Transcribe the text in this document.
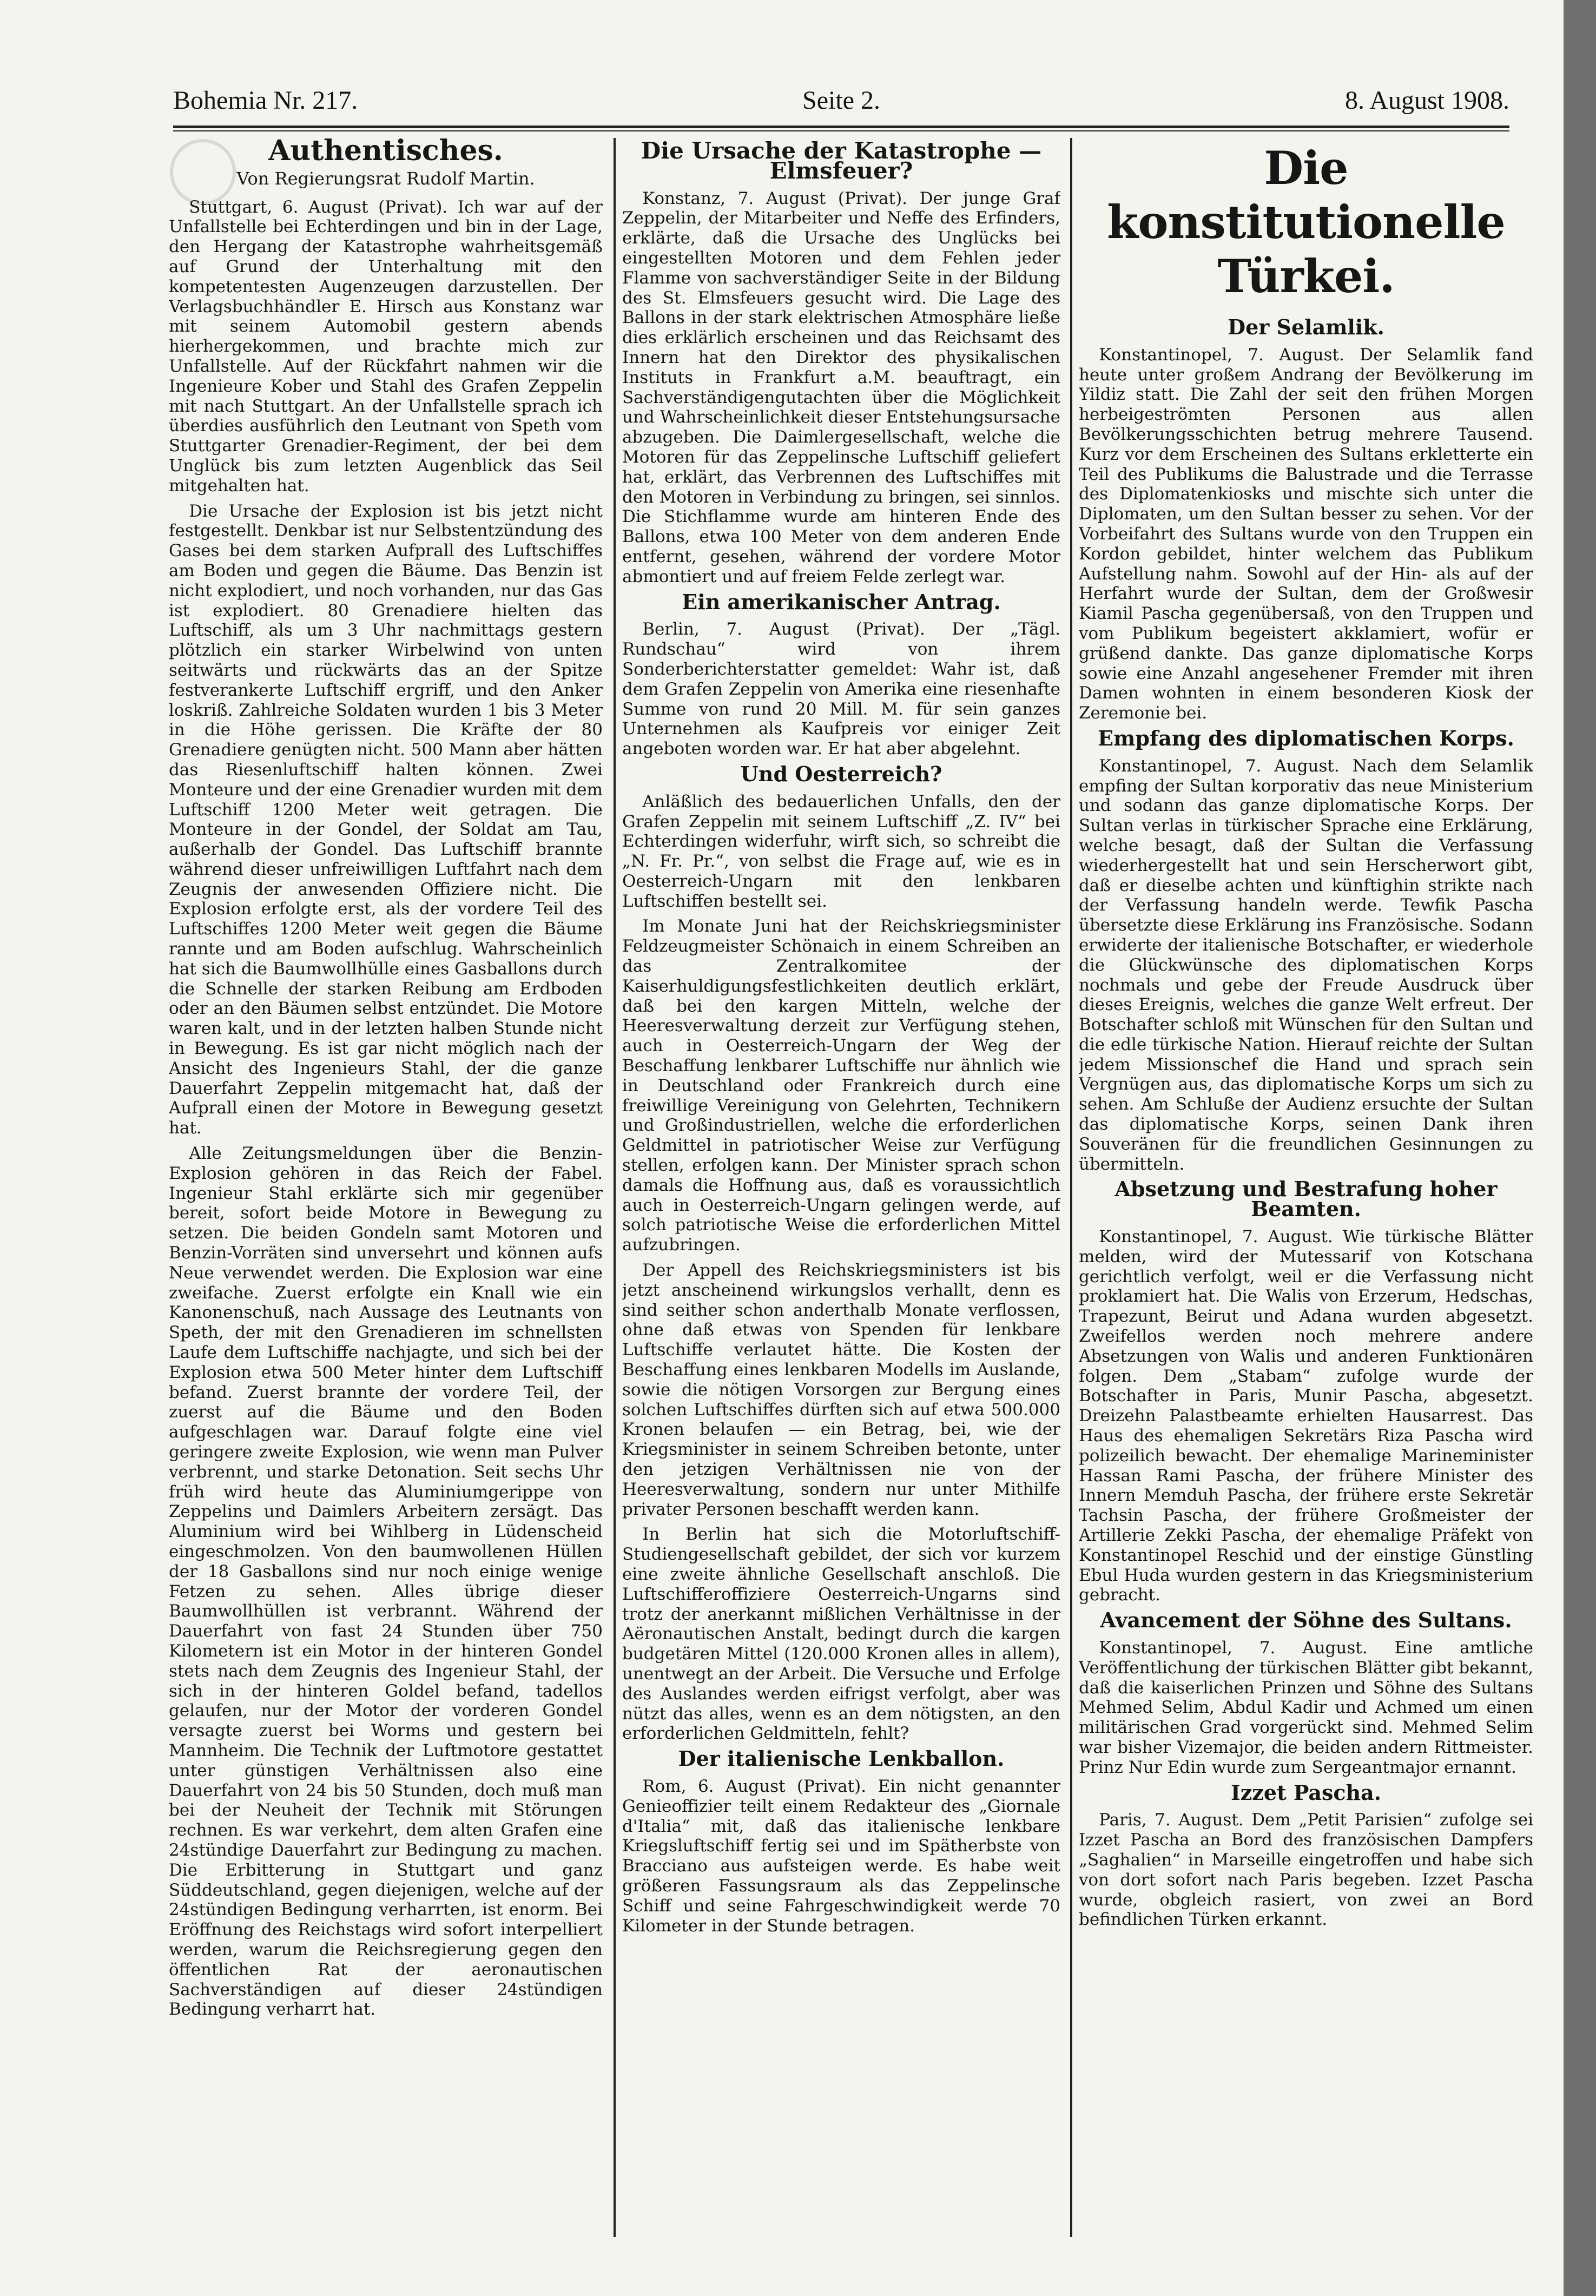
Bohemia Nr. 217.	Seite 2.	8. August 1908.
Authentisches.
Von Regierungsrat Rudolf Martin.

Stuttgart, 6. August (Privat). Ich war auf der Unfallstelle bei Echterdingen und bin in der Lage, den Hergang der Katastrophe wahrheitsgemäß auf Grund der Unterhaltung mit den kompetentesten Augenzeugen darzustellen. Der Verlagsbuchhändler E. Hirsch aus Konstanz war mit seinem Automobil gestern abends hierhergekommen, und brachte mich zur Unfallstelle. Auf der Rückfahrt nahmen wir die Ingenieure Kober und Stahl des Grafen Zeppelin mit nach Stuttgart. An der Unfallstelle sprach ich überdies ausführlich den Leutnant von Speth vom Stuttgarter Grenadier-Regiment, der bei dem Unglück bis zum letzten Augenblick das Seil mitgehalten hat.

Die Ursache der Explosion ist bis jetzt nicht festgestellt. Denkbar ist nur Selbstentzündung des Gases bei dem starken Aufprall des Luftschiffes am Boden und gegen die Bäume. Das Benzin ist nicht explodiert, und noch vorhanden, nur das Gas ist explodiert. 80 Grenadiere hielten das Luftschiff, als um 3 Uhr nachmittags gestern plötzlich ein starker Wirbelwind von unten seitwärts und rückwärts das an der Spitze festverankerte Luftschiff ergriff, und den Anker loskriß. Zahlreiche Soldaten wurden 1 bis 3 Meter in die Höhe gerissen. Die Kräfte der 80 Grenadiere genügten nicht. 500 Mann aber hätten das Riesenluftschiff halten können. Zwei Monteure und der eine Grenadier wurden mit dem Luftschiff 1200 Meter weit getragen. Die Monteure in der Gondel, der Soldat am Tau, außerhalb der Gondel. Das Luftschiff brannte während dieser unfreiwilligen Luftfahrt nach dem Zeugnis der anwesenden Offiziere nicht. Die Explosion erfolgte erst, als der vordere Teil des Luftschiffes 1200 Meter weit gegen die Bäume rannte und am Boden aufschlug. Wahrscheinlich hat sich die Baumwollhülle eines Gasballons durch die Schnelle der starken Reibung am Erdboden oder an den Bäumen selbst entzündet. Die Motore waren kalt, und in der letzten halben Stunde nicht in Bewegung. Es ist gar nicht möglich nach der Ansicht des Ingenieurs Stahl, der die ganze Dauerfahrt Zeppelin mitgemacht hat, daß der Aufprall einen der Motore in Bewegung gesetzt hat.

Alle Zeitungsmeldungen über die Benzin-Explosion gehören in das Reich der Fabel. Ingenieur Stahl erklärte sich mir gegenüber bereit, sofort beide Motore in Bewegung zu setzen. Die beiden Gondeln samt Motoren und Benzin-Vorräten sind unversehrt und können aufs Neue verwendet werden. Die Explosion war eine zweifache. Zuerst erfolgte ein Knall wie ein Kanonenschuß, nach Aussage des Leutnants von Speth, der mit den Grenadieren im schnellsten Laufe dem Luftschiffe nachjagte, und sich bei der Explosion etwa 500 Meter hinter dem Luftschiff befand. Zuerst brannte der vordere Teil, der zuerst auf die Bäume und den Boden aufgeschlagen war. Darauf folgte eine viel geringere zweite Explosion, wie wenn man Pulver verbrennt, und starke Detonation. Seit sechs Uhr früh wird heute das Aluminiumgerippe von Zeppelins und Daimlers Arbeitern zersägt. Das Aluminium wird bei Wihlberg in Lüdenscheid eingeschmolzen. Von den baumwollenen Hüllen der 18 Gasballons sind nur noch einige wenige Fetzen zu sehen. Alles übrige dieser Baumwollhüllen ist verbrannt. Während der Dauerfahrt von fast 24 Stunden über 750 Kilometern ist ein Motor in der hinteren Gondel stets nach dem Zeugnis des Ingenieur Stahl, der sich in der hinteren Goldel befand, tadellos gelaufen, nur der Motor der vorderen Gondel versagte zuerst bei Worms und gestern bei Mannheim. Die Technik der Luftmotore gestattet unter günstigen Verhältnissen also eine Dauerfahrt von 24 bis 50 Stunden, doch muß man bei der Neuheit der Technik mit Störungen rechnen. Es war verkehrt, dem alten Grafen eine 24stündige Dauerfahrt zur Bedingung zu machen. Die Erbitterung in Stuttgart und ganz Süddeutschland, gegen diejenigen, welche auf der 24stündigen Bedingung verharrten, ist enorm. Bei Eröffnung des Reichstags wird sofort interpelliert werden, warum die Reichsregierung gegen den öffentlichen Rat der aeronautischen Sachverständigen auf dieser 24stündigen Bedingung verharrt hat.

Die Ursache der Katastrophe — Elmsfeuer?

Konstanz, 7. August (Privat). Der junge Graf Zeppelin, der Mitarbeiter und Neffe des Erfinders, erklärte, daß die Ursache des Unglücks bei eingestellten Motoren und dem Fehlen jeder Flamme von sachverständiger Seite in der Bildung des St. Elmsfeuers gesucht wird. Die Lage des Ballons in der stark elektrischen Atmosphäre ließe dies erklärlich erscheinen und das Reichsamt des Innern hat den Direktor des physikalischen Instituts in Frankfurt a.M. beauftragt, ein Sachverständigengutachten über die Möglichkeit und Wahrscheinlichkeit dieser Entstehungsursache abzugeben. Die Daimlergesellschaft, welche die Motoren für das Zeppelinsche Luftschiff geliefert hat, erklärt, das Verbrennen des Luftschiffes mit den Motoren in Verbindung zu bringen, sei sinnlos. Die Stichflamme wurde am hinteren Ende des Ballons, etwa 100 Meter von dem anderen Ende entfernt, gesehen, während der vordere Motor abmontiert und auf freiem Felde zerlegt war.

Ein amerikanischer Antrag.

Berlin, 7. August (Privat). Der „Tägl. Rundschau“ wird von ihrem Sonderberichterstatter gemeldet: Wahr ist, daß dem Grafen Zeppelin von Amerika eine riesenhafte Summe von rund 20 Mill. M. für sein ganzes Unternehmen als Kaufpreis vor einiger Zeit angeboten worden war. Er hat aber abgelehnt.

Und Oesterreich?

Anläßlich des bedauerlichen Unfalls, den der Grafen Zeppelin mit seinem Luftschiff „Z. IV“ bei Echterdingen widerfuhr, wirft sich, so schreibt die „N. Fr. Pr.“, von selbst die Frage auf, wie es in Oesterreich-Ungarn mit den lenkbaren Luftschiffen bestellt sei.

Im Monate Juni hat der Reichskriegsminister Feldzeugmeister Schönaich in einem Schreiben an das Zentralkomitee der Kaiserhuldigungsfestlichkeiten deutlich erklärt, daß bei den kargen Mitteln, welche der Heeresverwaltung derzeit zur Verfügung stehen, auch in Oesterreich-Ungarn der Weg der Beschaffung lenkbarer Luftschiffe nur ähnlich wie in Deutschland oder Frankreich durch eine freiwillige Vereinigung von Gelehrten, Technikern und Großindustriellen, welche die erforderlichen Geldmittel in patriotischer Weise zur Verfügung stellen, erfolgen kann. Der Minister sprach schon damals die Hoffnung aus, daß es voraussichtlich auch in Oesterreich-Ungarn gelingen werde, auf solch patriotische Weise die erforderlichen Mittel aufzubringen.

Der Appell des Reichskriegsministers ist bis jetzt anscheinend wirkungslos verhallt, denn es sind seither schon anderthalb Monate verflossen, ohne daß etwas von Spenden für lenkbare Luftschiffe verlautet hätte. Die Kosten der Beschaffung eines lenkbaren Modells im Auslande, sowie die nötigen Vorsorgen zur Bergung eines solchen Luftschiffes dürften sich auf etwa 500.000 Kronen belaufen — ein Betrag, bei, wie der Kriegsminister in seinem Schreiben betonte, unter den jetzigen Verhältnissen nie von der Heeresverwaltung, sondern nur unter Mithilfe privater Personen beschafft werden kann.

In Berlin hat sich die Motorluftschiff-Studiengesellschaft gebildet, der sich vor kurzem eine zweite ähnliche Gesellschaft anschloß. Die Luftschifferoffiziere Oesterreich-Ungarns sind trotz der anerkannt mißlichen Verhältnisse in der Aëronautischen Anstalt, bedingt durch die kargen budgetären Mittel (120.000 Kronen alles in allem), unentwegt an der Arbeit. Die Versuche und Erfolge des Auslandes werden eifrigst verfolgt, aber was nützt das alles, wenn es an dem nötigsten, an den erforderlichen Geldmitteln, fehlt?

Der italienische Lenkballon.

Rom, 6. August (Privat). Ein nicht genannter Genieoffizier teilt einem Redakteur des „Giornale d'Italia“ mit, daß das italienische lenkbare Kriegsluftschiff fertig sei und im Spätherbste von Bracciano aus aufsteigen werde. Es habe weit größeren Fassungsraum als das Zeppelinsche Schiff und seine Fahrgeschwindigkeit werde 70 Kilometer in der Stunde betragen.

Die konstitutionelle Türkei.
Der Selamlik.

Konstantinopel, 7. August. Der Selamlik fand heute unter großem Andrang der Bevölkerung im Yildiz statt. Die Zahl der seit den frühen Morgen herbeigeströmten Personen aus allen Bevölkerungsschichten betrug mehrere Tausend. Kurz vor dem Erscheinen des Sultans erkletterte ein Teil des Publikums die Balustrade und die Terrasse des Diplomatenkiosks und mischte sich unter die Diplomaten, um den Sultan besser zu sehen. Vor der Vorbeifahrt des Sultans wurde von den Truppen ein Kordon gebildet, hinter welchem das Publikum Aufstellung nahm. Sowohl auf der Hin- als auf der Herfahrt wurde der Sultan, dem der Großwesir Kiamil Pascha gegenübersaß, von den Truppen und vom Publikum begeistert akklamiert, wofür er grüßend dankte. Das ganze diplomatische Korps sowie eine Anzahl angesehener Fremder mit ihren Damen wohnten in einem besonderen Kiosk der Zeremonie bei.

Empfang des diplomatischen Korps.

Konstantinopel, 7. August. Nach dem Selamlik empfing der Sultan korporativ das neue Ministerium und sodann das ganze diplomatische Korps. Der Sultan verlas in türkischer Sprache eine Erklärung, welche besagt, daß der Sultan die Verfassung wiederhergestellt hat und sein Herscherwort gibt, daß er dieselbe achten und künftighin strikte nach der Verfassung handeln werde. Tewfik Pascha übersetzte diese Erklärung ins Französische. Sodann erwiderte der italienische Botschafter, er wiederhole die Glückwünsche des diplomatischen Korps nochmals und gebe der Freude Ausdruck über dieses Ereignis, welches die ganze Welt erfreut. Der Botschafter schloß mit Wünschen für den Sultan und die edle türkische Nation. Hierauf reichte der Sultan jedem Missionschef die Hand und sprach sein Vergnügen aus, das diplomatische Korps um sich zu sehen. Am Schluße der Audienz ersuchte der Sultan das diplomatische Korps, seinen Dank ihren Souveränen für die freundlichen Gesinnungen zu übermitteln.

Absetzung und Bestrafung hoher Beamten.

Konstantinopel, 7. August. Wie türkische Blätter melden, wird der Mutessarif von Kotschana gerichtlich verfolgt, weil er die Verfassung nicht proklamiert hat. Die Walis von Erzerum, Hedschas, Trapezunt, Beirut und Adana wurden abgesetzt. Zweifellos werden noch mehrere andere Absetzungen von Walis und anderen Funktionären folgen. Dem „Stabam“ zufolge wurde der Botschafter in Paris, Munir Pascha, abgesetzt. Dreizehn Palastbeamte erhielten Hausarrest. Das Haus des ehemaligen Sekretärs Riza Pascha wird polizeilich bewacht. Der ehemalige Marineminister Hassan Rami Pascha, der frühere Minister des Innern Memduh Pascha, der frühere erste Sekretär Tachsin Pascha, der frühere Großmeister der Artillerie Zekki Pascha, der ehemalige Präfekt von Konstantinopel Reschid und der einstige Günstling Ebul Huda wurden gestern in das Kriegsministerium gebracht.

Avancement der Söhne des Sultans.

Konstantinopel, 7. August. Eine amtliche Veröffentlichung der türkischen Blätter gibt bekannt, daß die kaiserlichen Prinzen und Söhne des Sultans Mehmed Selim, Abdul Kadir und Achmed um einen militärischen Grad vorgerückt sind. Mehmed Selim war bisher Vizemajor, die beiden andern Rittmeister. Prinz Nur Edin wurde zum Sergeantmajor ernannt.

Izzet Pascha.

Paris, 7. August. Dem „Petit Parisien“ zufolge sei Izzet Pascha an Bord des französischen Dampfers „Saghalien“ in Marseille eingetroffen und habe sich von dort sofort nach Paris begeben. Izzet Pascha wurde, obgleich rasiert, von zwei an Bord befindlichen Türken erkannt.
